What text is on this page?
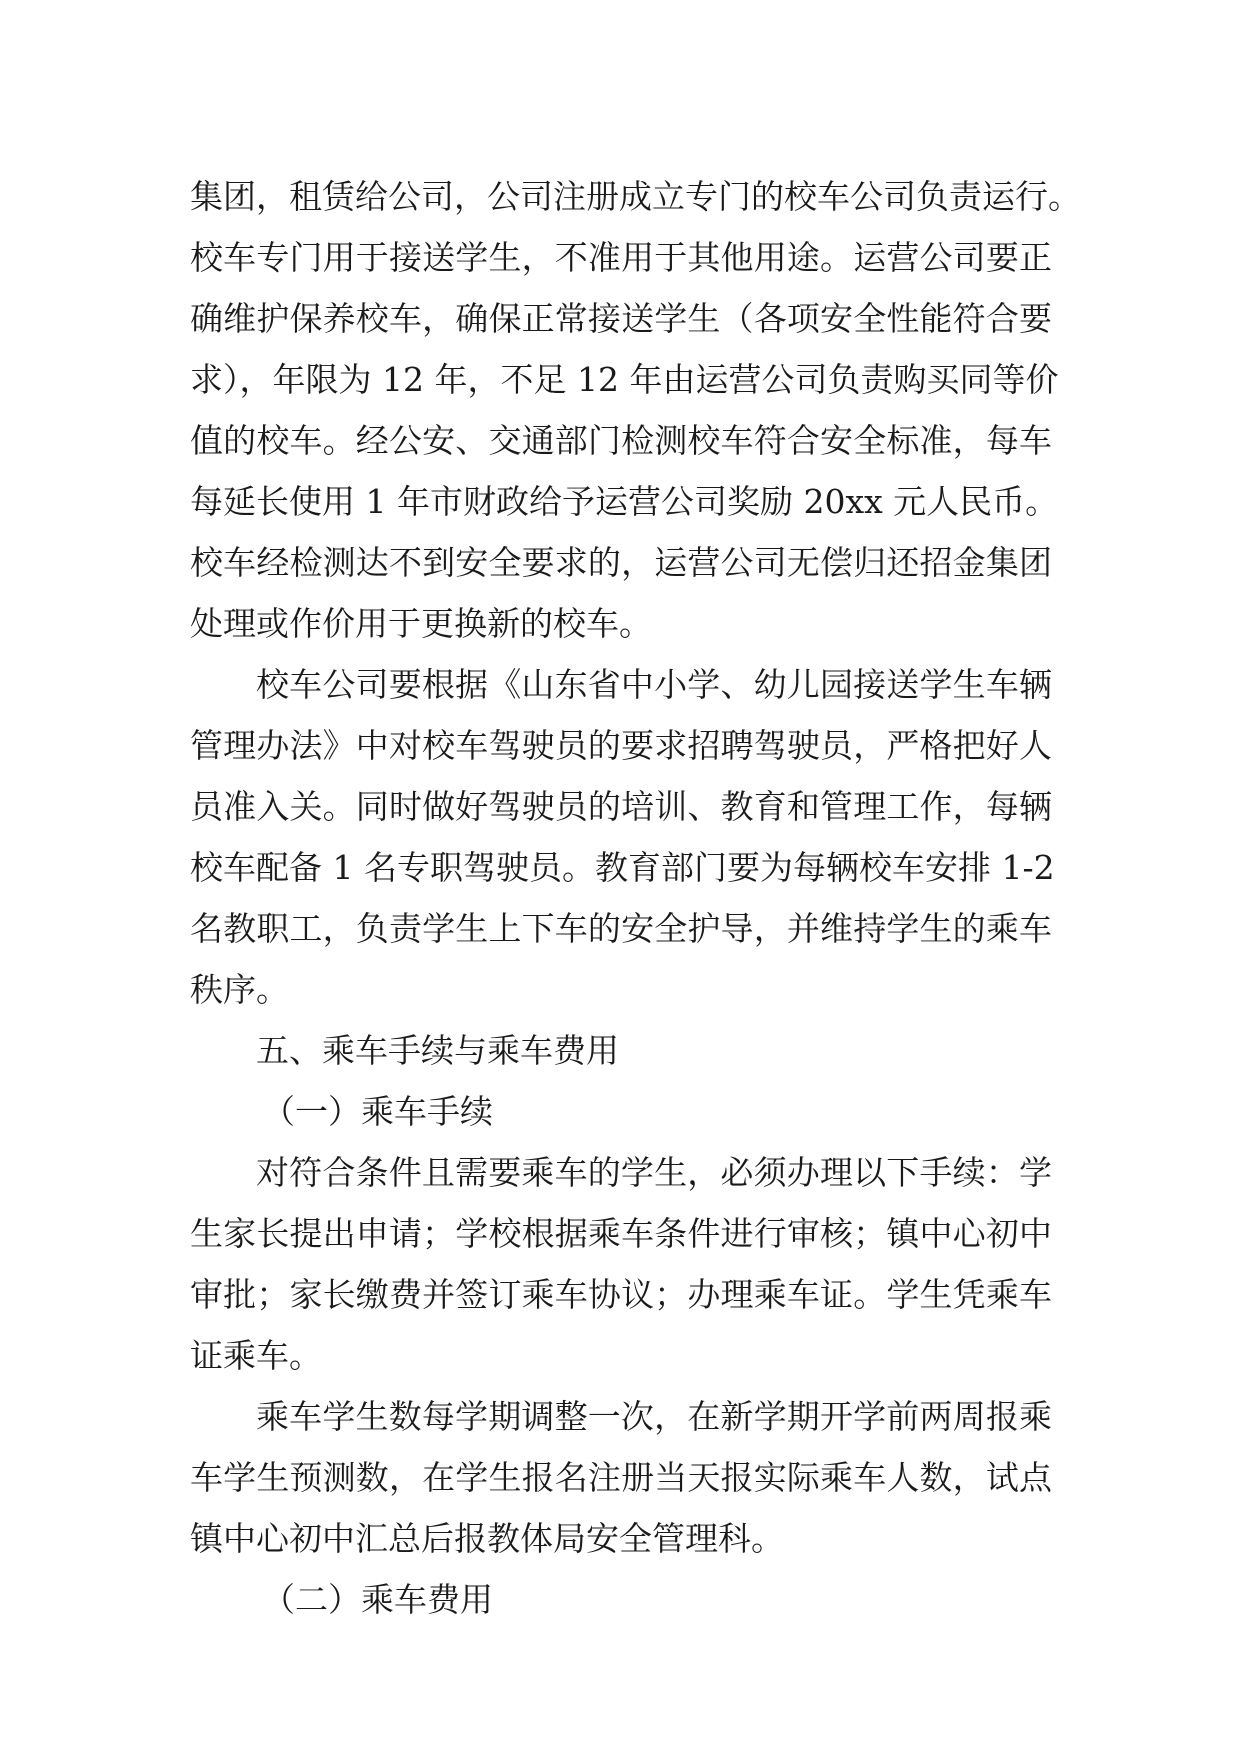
集团，租赁给公司，公司注册成立专门的校车公司负责运行。
校车专门用于接送学生，不准用于其他用途。运营公司要正
确维护保养校车，确保正常接送学生（各项安全性能符合要
求），年限为 12 年，不足 12 年由运营公司负责购买同等价
值的校车。经公安、交通部门检测校车符合安全标准，每车
每延长使用 1 年市财政给予运营公司奖励 20xx 元人民币。
校车经检测达不到安全要求的，运营公司无偿归还招金集团
处理或作价用于更换新的校车。
校车公司要根据《山东省中小学、幼儿园接送学生车辆
管理办法》中对校车驾驶员的要求招聘驾驶员，严格把好人
员准入关。同时做好驾驶员的培训、教育和管理工作，每辆
校车配备 1 名专职驾驶员。教育部门要为每辆校车安排 1-2
名教职工，负责学生上下车的安全护导，并维持学生的乘车
秩序。
五、乘车手续与乘车费用
（一）乘车手续
对符合条件且需要乘车的学生，必须办理以下手续：学
生家长提出申请；学校根据乘车条件进行审核；镇中心初中
审批；家长缴费并签订乘车协议；办理乘车证。学生凭乘车
证乘车。
乘车学生数每学期调整一次，在新学期开学前两周报乘
车学生预测数，在学生报名注册当天报实际乘车人数，试点
镇中心初中汇总后报教体局安全管理科。
（二）乘车费用
